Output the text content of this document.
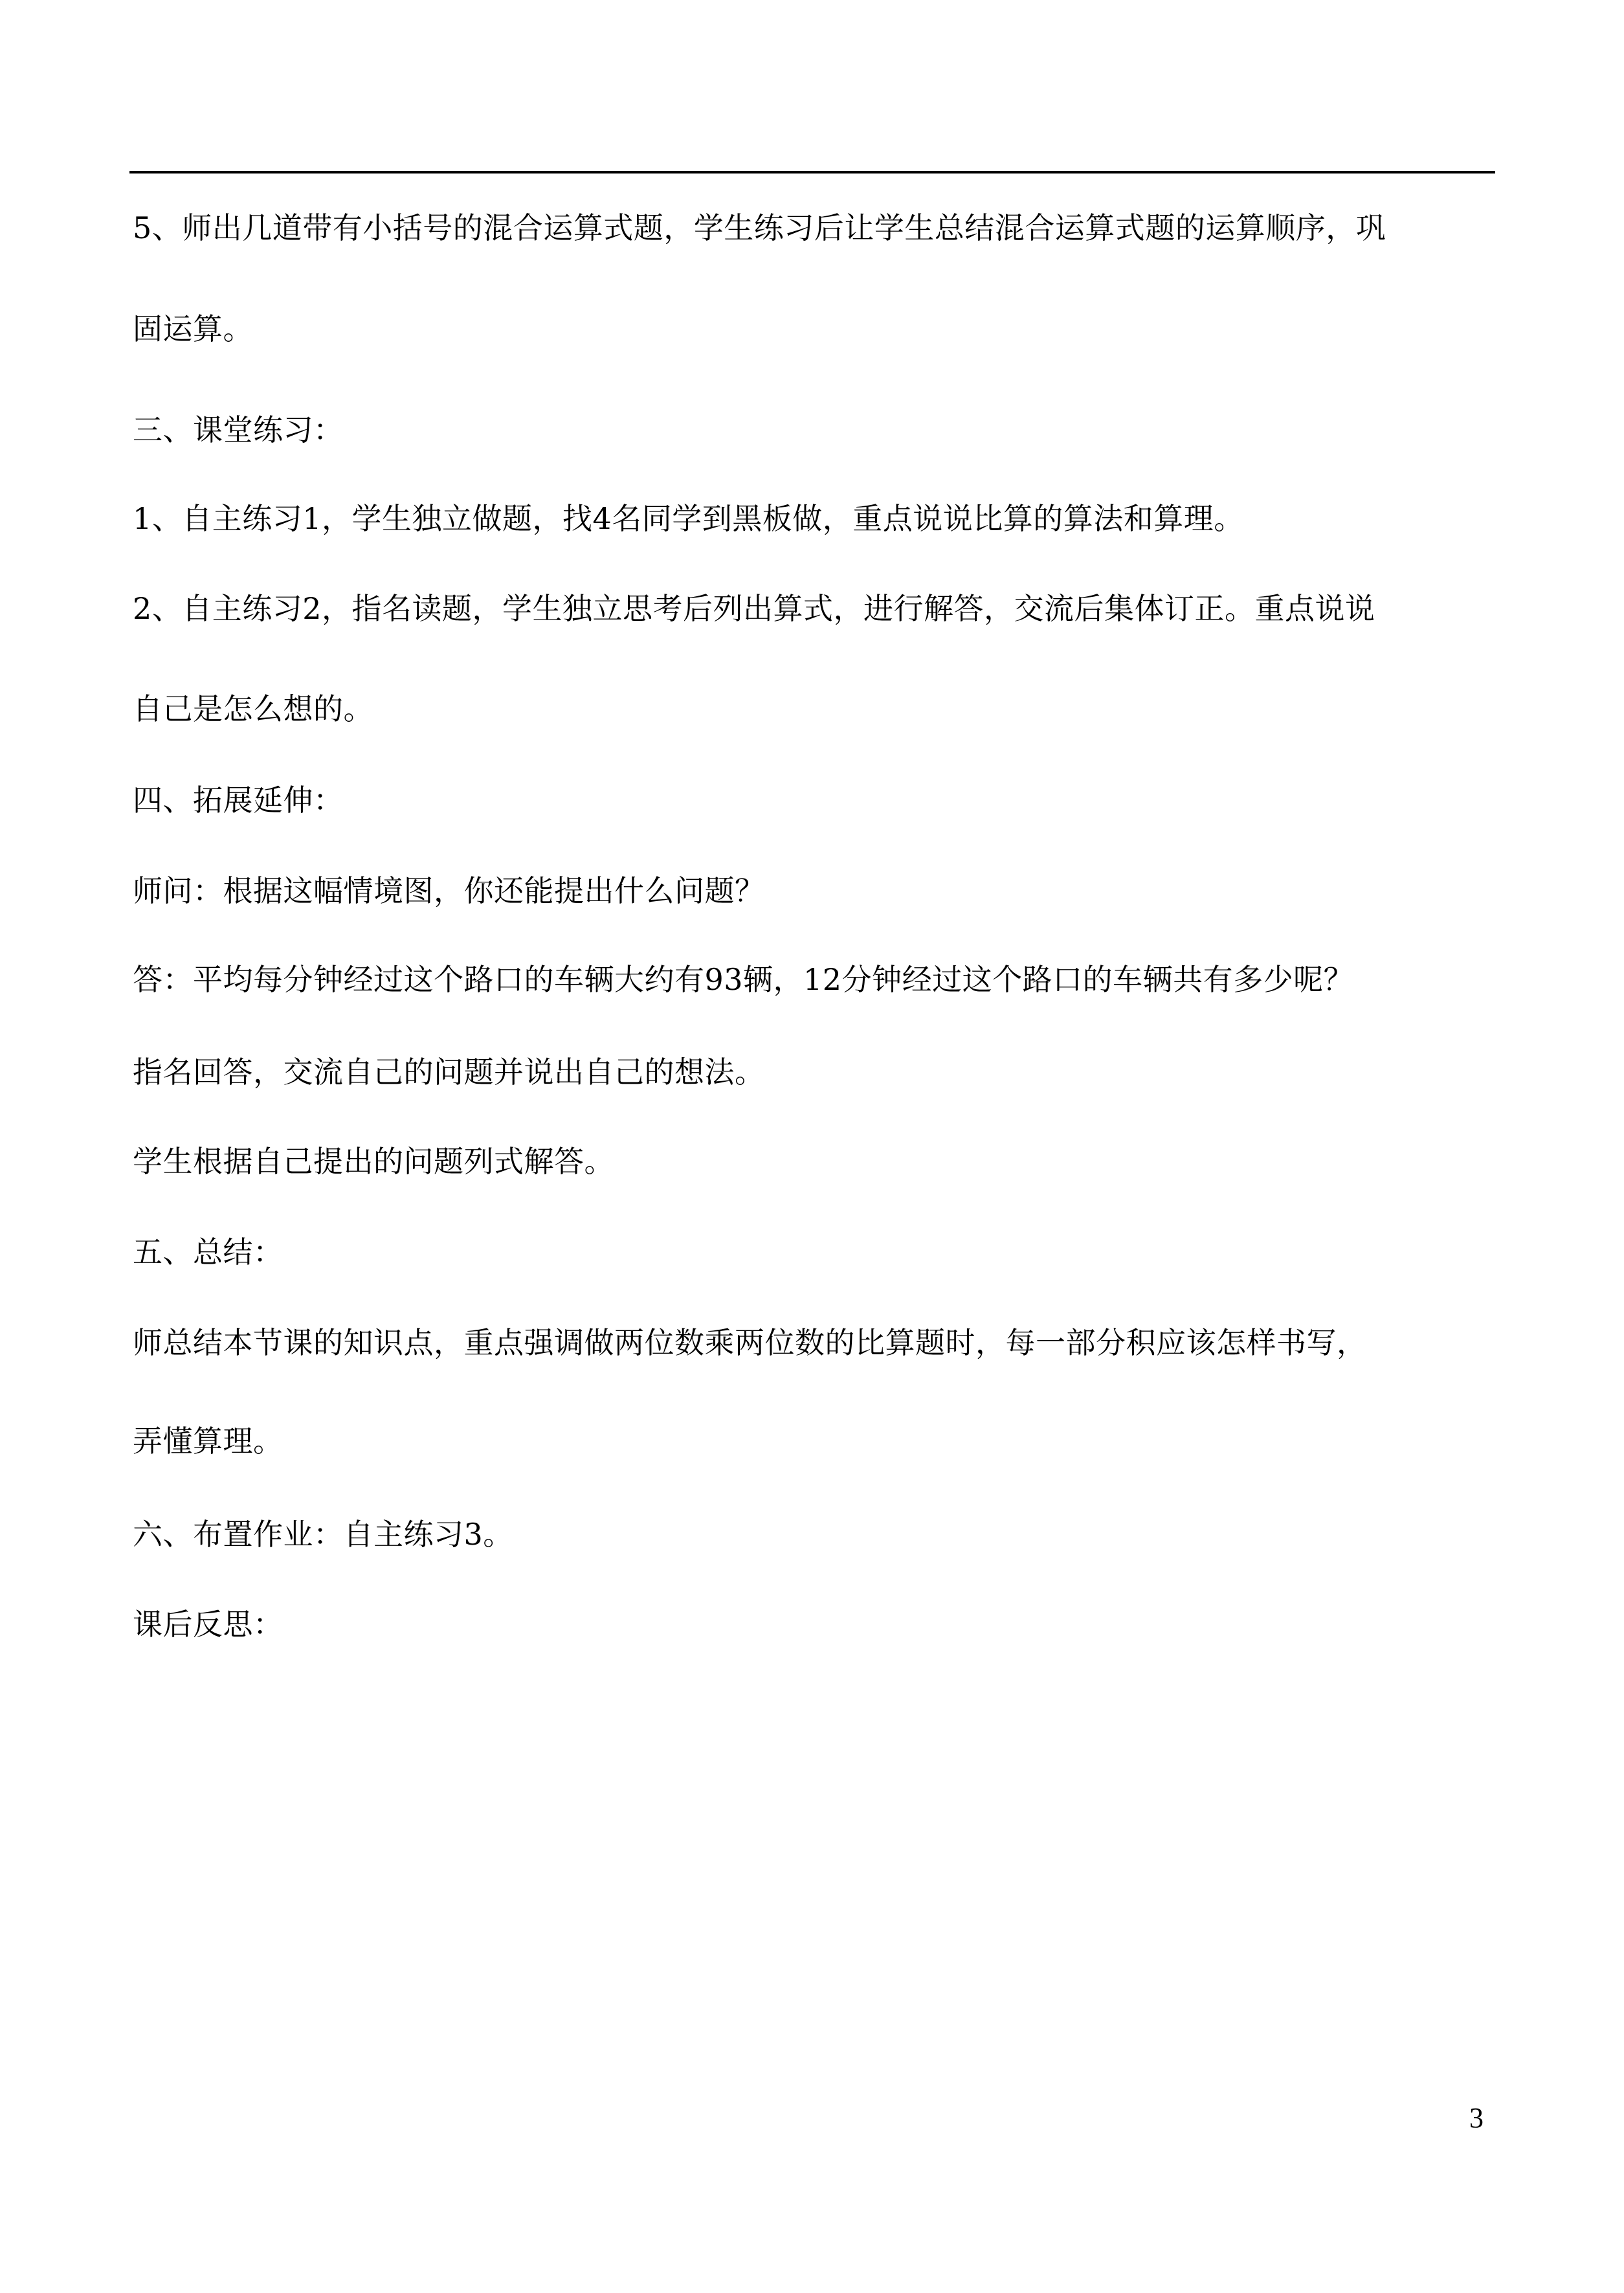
5、师出几道带有小括号的混合运算式题，学生练习后让学生总结混合运算式题的运算顺序，巩
固运算。
三、课堂练习：
1、自主练习1，学生独立做题，找4名同学到黑板做，重点说说比算的算法和算理。
2、自主练习2，指名读题，学生独立思考后列出算式，进行解答，交流后集体订正。重点说说
自己是怎么想的。
四、拓展延伸：
师问：根据这幅情境图，你还能提出什么问题？
答：平均每分钟经过这个路口的车辆大约有93辆，12分钟经过这个路口的车辆共有多少呢？
指名回答，交流自己的问题并说出自己的想法。
学生根据自己提出的问题列式解答。
五、总结：
师总结本节课的知识点，重点强调做两位数乘两位数的比算题时，每一部分积应该怎样书写，
弄懂算理。
六、布置作业：自主练习3。
课后反思：
3
